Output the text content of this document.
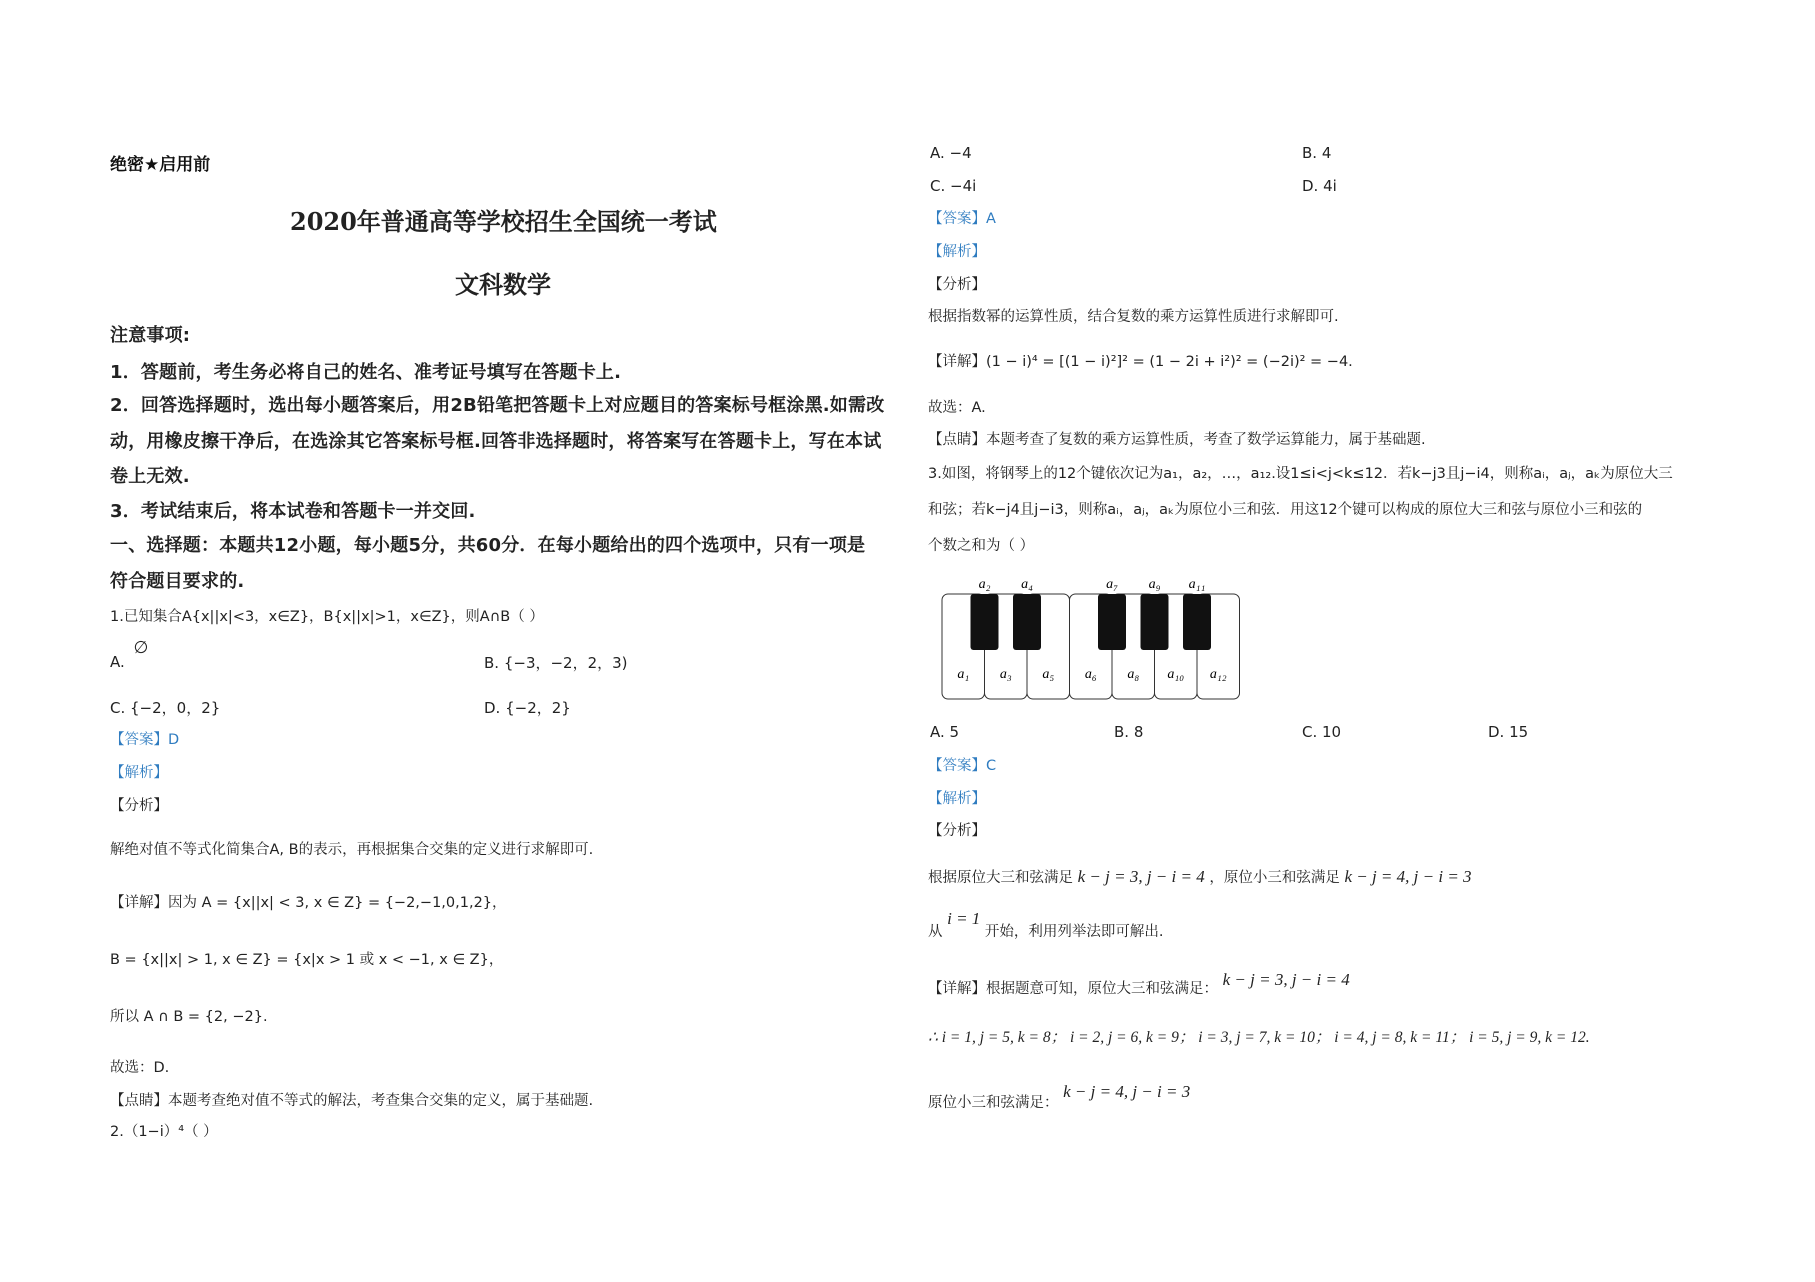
绝密★启用前
2020年普通高等学校招生全国统一考试
文科数学
注意事项:
1．答题前，考生务必将自己的姓名、准考证号填写在答题卡上.
2．回答选择题时，选出每小题答案后，用2B铅笔把答题卡上对应题目的答案标号框涂黑.如需改
动，用橡皮擦干净后，在选涂其它答案标号框.回答非选择题时，将答案写在答题卡上，写在本试
卷上无效.
3．考试结束后，将本试卷和答题卡一并交回.
一、选择题：本题共12小题，每小题5分，共60分．在每小题给出的四个选项中，只有一项是
符合题目要求的.
1.已知集合A{x||x|<3，x∈Z}，B{x||x|>1，x∈Z}，则A∩B（ ）
A. ∅
B. {−3，−2，2，3)
C. {−2，0，2}	D. {−2，2}
【答案】D
【解析】
【分析】
解绝对值不等式化简集合A, B的表示，再根据集合交集的定义进行求解即可.
【详解】因为 A = {x||x| < 3, x ∈ Z} = {−2,−1,0,1,2}，
B = {x||x| > 1, x ∈ Z} = {x|x > 1 或 x < −1, x ∈ Z}，
所以 A ∩ B = {2, −2}.
故选：D.
【点睛】本题考查绝对值不等式的解法，考查集合交集的定义，属于基础题.
2.（1−i）⁴（ ）
A. −4	B. 4
C. −4i	D. 4i
【答案】A
【解析】
【分析】
根据指数幂的运算性质，结合复数的乘方运算性质进行求解即可.
【详解】(1 − i)⁴ = [(1 − i)²]² = (1 − 2i + i²)² = (−2i)² = −4.
故选：A.
【点睛】本题考查了复数的乘方运算性质，考查了数学运算能力，属于基础题.
3.如图，将钢琴上的12个键依次记为a₁，a₂，…，a₁₂.设1≤i<j<k≤12．若k−j3且j−i4，则称aᵢ，aⱼ，aₖ为原位大三
和弦；若k−j4且j−i3，则称aᵢ，aⱼ，aₖ为原位小三和弦．用这12个键可以构成的原位大三和弦与原位小三和弦的
个数之和为（ ）
a₁ a₃ a₅ a₆ a₈ a₁₀ a₁₂
a₂ a₄	a₇ a₉ a₁₁
A. 5	B. 8	C. 10	D. 15
【答案】C
【解析】
【分析】
根据原位大三和弦满足 k − j = 3, j − i = 4 ，原位小三和弦满足 k − j = 4, j − i = 3
从 i = 1 开始，利用列举法即可解出.
【详解】根据题意可知，原位大三和弦满足： k − j = 3, j − i = 4
∴ i = 1, j = 5, k = 8； i = 2, j = 6, k = 9； i = 3, j = 7, k = 10； i = 4, j = 8, k = 11； i = 5, j = 9, k = 12.
原位小三和弦满足： k − j = 4, j − i = 3
